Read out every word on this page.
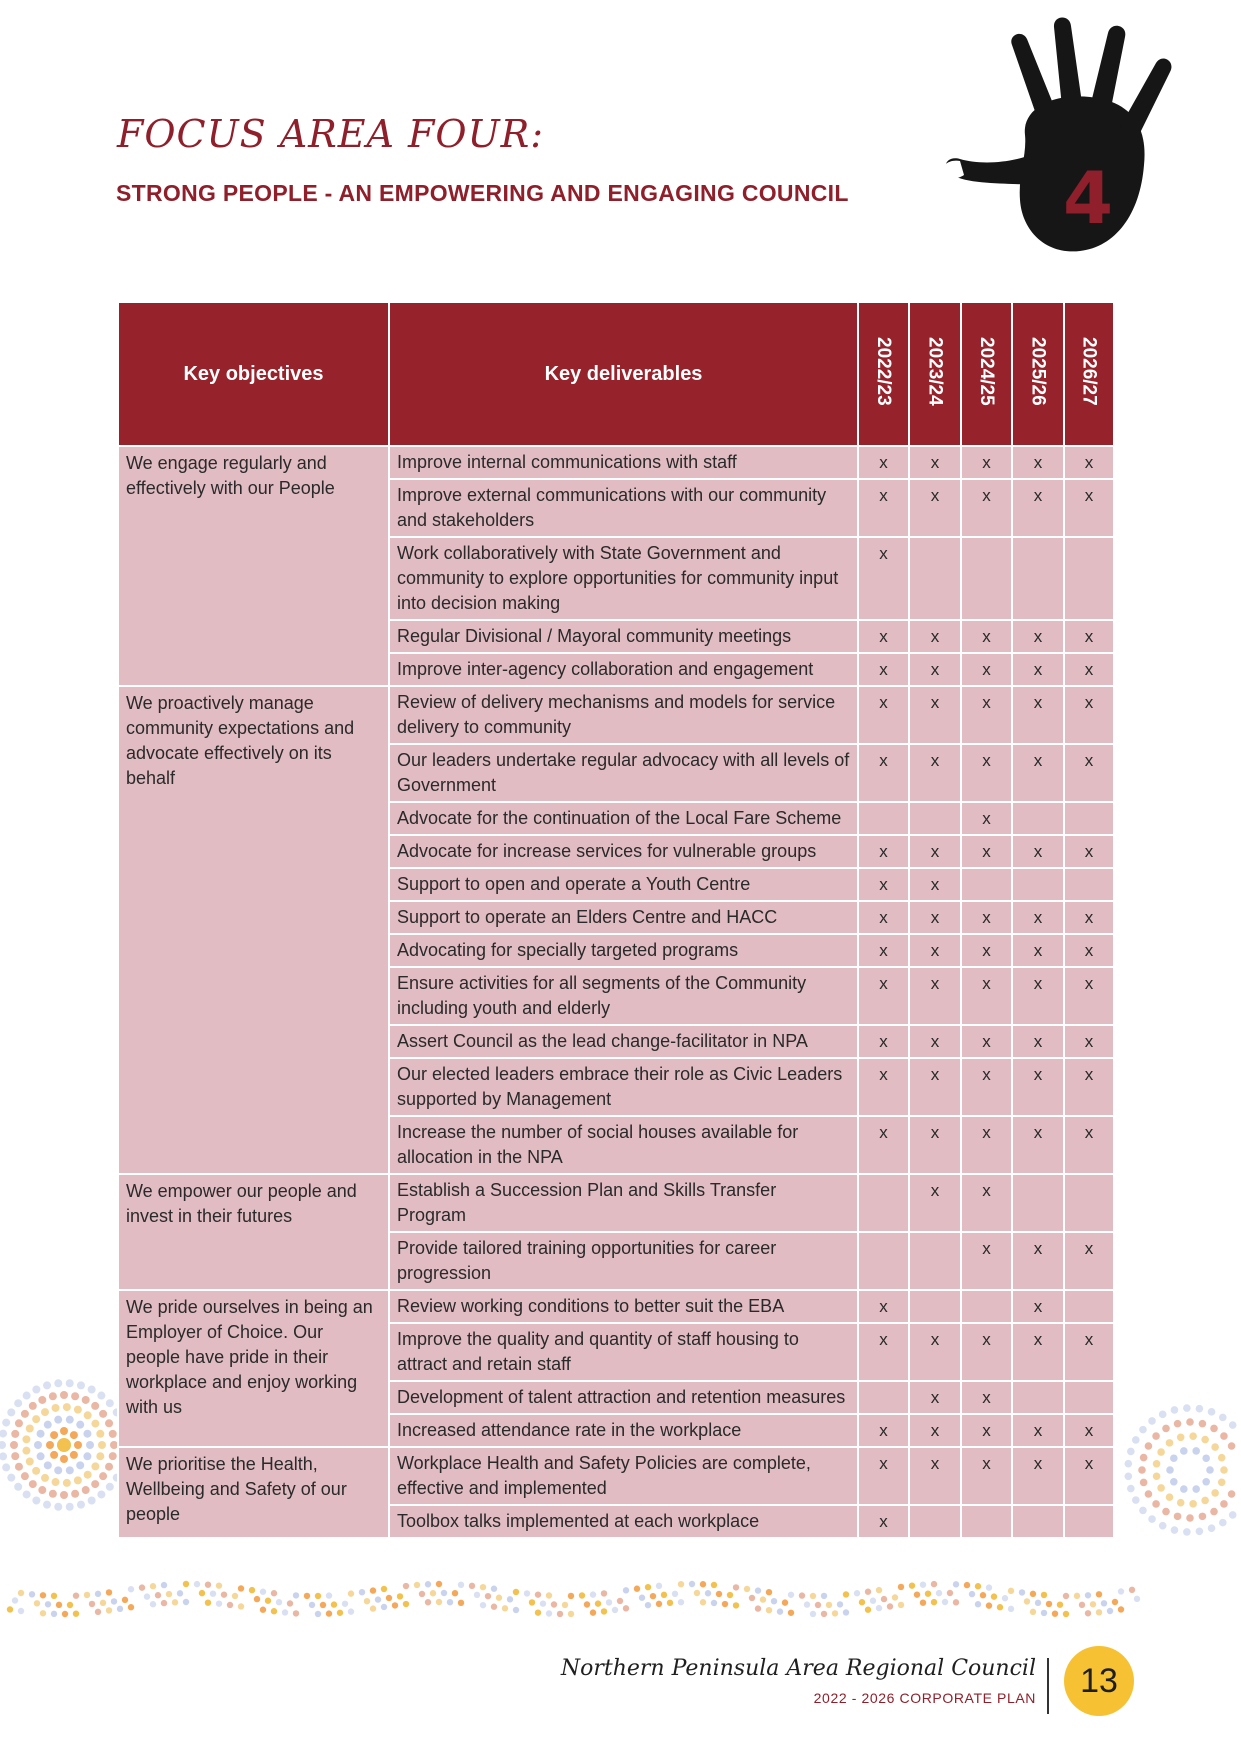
FOCUS AREA FOUR:
STRONG PEOPLE - AN EMPOWERING AND ENGAGING COUNCIL	4
Key objectives	Key deliverables	2022/23	2023/24	2024/25	2025/26	2026/27
We engage regularly and effectively with our People	Improve internal communications with staff	x	x	x	x	x
	Improve external communications with our community and stakeholders	x	x	x	x	x
	Work collaboratively with State Government and community to explore opportunities for community input into decision making	x				
	Regular Divisional / Mayoral community meetings	x	x	x	x	x
	Improve inter-agency collaboration and engagement	x	x	x	x	x
We proactively manage community expectations and advocate effectively on its behalf	Review of delivery mechanisms and models for service delivery to community	x	x	x	x	x
	Our leaders undertake regular advocacy with all levels of Government	x	x	x	x	x
	Advocate for the continuation of the Local Fare Scheme			x		
	Advocate for increase services for vulnerable groups	x	x	x	x	x
	Support to open and operate a Youth Centre	x	x			
	Support to operate an Elders Centre and HACC	x	x	x	x	x
	Advocating for specially targeted programs	x	x	x	x	x
	Ensure activities for all segments of the Community including youth and elderly	x	x	x	x	x
	Assert Council as the lead change-facilitator in NPA	x	x	x	x	x
	Our elected leaders embrace their role as Civic Leaders supported by Management	x	x	x	x	x
	Increase the number of social houses available for allocation in the NPA	x	x	x	x	x
We empower our people and invest in their futures	Establish a Succession Plan and Skills Transfer Program		x	x		
	Provide tailored training opportunities for career progression			x	x	x
We pride ourselves in being an Employer of Choice. Our people have pride in their workplace and enjoy working with us	Review working conditions to better suit the EBA	x			x	
	Improve the quality and quantity of staff housing to attract and retain staff	x	x	x	x	x
	Development of talent attraction and retention measures		x	x		
	Increased attendance rate in the workplace	x	x	x	x	x
We prioritise the Health, Wellbeing and Safety of our people	Workplace Health and Safety Policies are complete, effective and implemented	x	x	x	x	x
	Toolbox talks implemented at each workplace	x				
Northern Peninsula Area Regional Council
2022 - 2026 CORPORATE PLAN 13
